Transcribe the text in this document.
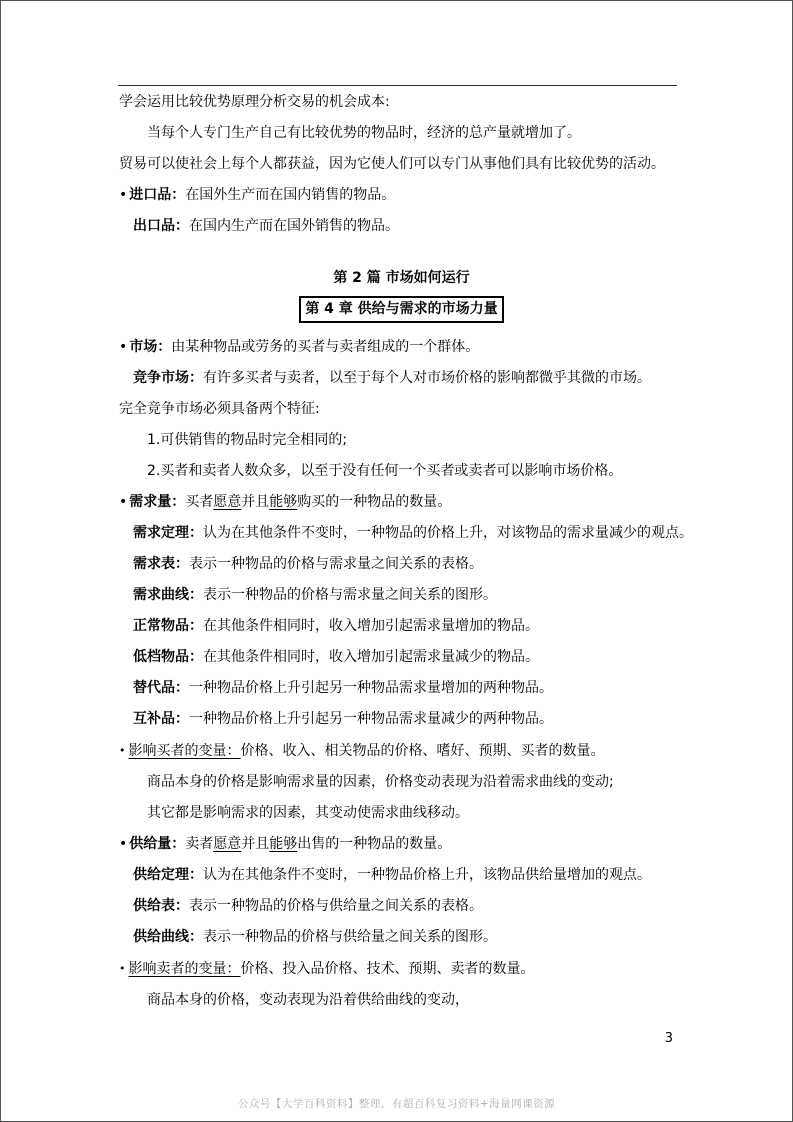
学会运用比较优势原理分析交易的机会成本:
当每个人专门生产自己有比较优势的物品时，经济的总产量就增加了。
贸易可以使社会上每个人都获益，因为它使人们可以专门从事他们具有比较优势的活动。
• 进口品：在国外生产而在国内销售的物品。
出口品：在国内生产而在国外销售的物品。
第 2 篇 市场如何运行
第 4 章 供给与需求的市场力量
• 市场：由某种物品或劳务的买者与卖者组成的一个群体。
竞争市场：有许多买者与卖者，以至于每个人对市场价格的影响都微乎其微的市场。
完全竞争市场必须具备两个特征:
1.可供销售的物品时完全相同的;
2.买者和卖者人数众多，以至于没有任何一个买者或卖者可以影响市场价格。
• 需求量：买者愿意并且能够购买的一种物品的数量。
需求定理：认为在其他条件不变时，一种物品的价格上升，对该物品的需求量减少的观点。
需求表：表示一种物品的价格与需求量之间关系的表格。
需求曲线：表示一种物品的价格与需求量之间关系的图形。
正常物品：在其他条件相同时，收入增加引起需求量增加的物品。
低档物品：在其他条件相同时，收入增加引起需求量减少的物品。
替代品：一种物品价格上升引起另一种物品需求量增加的两种物品。
互补品：一种物品价格上升引起另一种物品需求量减少的两种物品。
• 影响买者的变量：价格、收入、相关物品的价格、嗜好、预期、买者的数量。
商品本身的价格是影响需求量的因素，价格变动表现为沿着需求曲线的变动;
其它都是影响需求的因素，其变动使需求曲线移动。
• 供给量：卖者愿意并且能够出售的一种物品的数量。
供给定理：认为在其他条件不变时，一种物品价格上升，该物品供给量增加的观点。
供给表：表示一种物品的价格与供给量之间关系的表格。
供给曲线：表示一种物品的价格与供给量之间关系的图形。
• 影响卖者的变量：价格、投入品价格、技术、预期、卖者的数量。
商品本身的价格，变动表现为沿着供给曲线的变动，
3
公众号【大学百科资料】整理，有超百科复习资料+海量网课资源
